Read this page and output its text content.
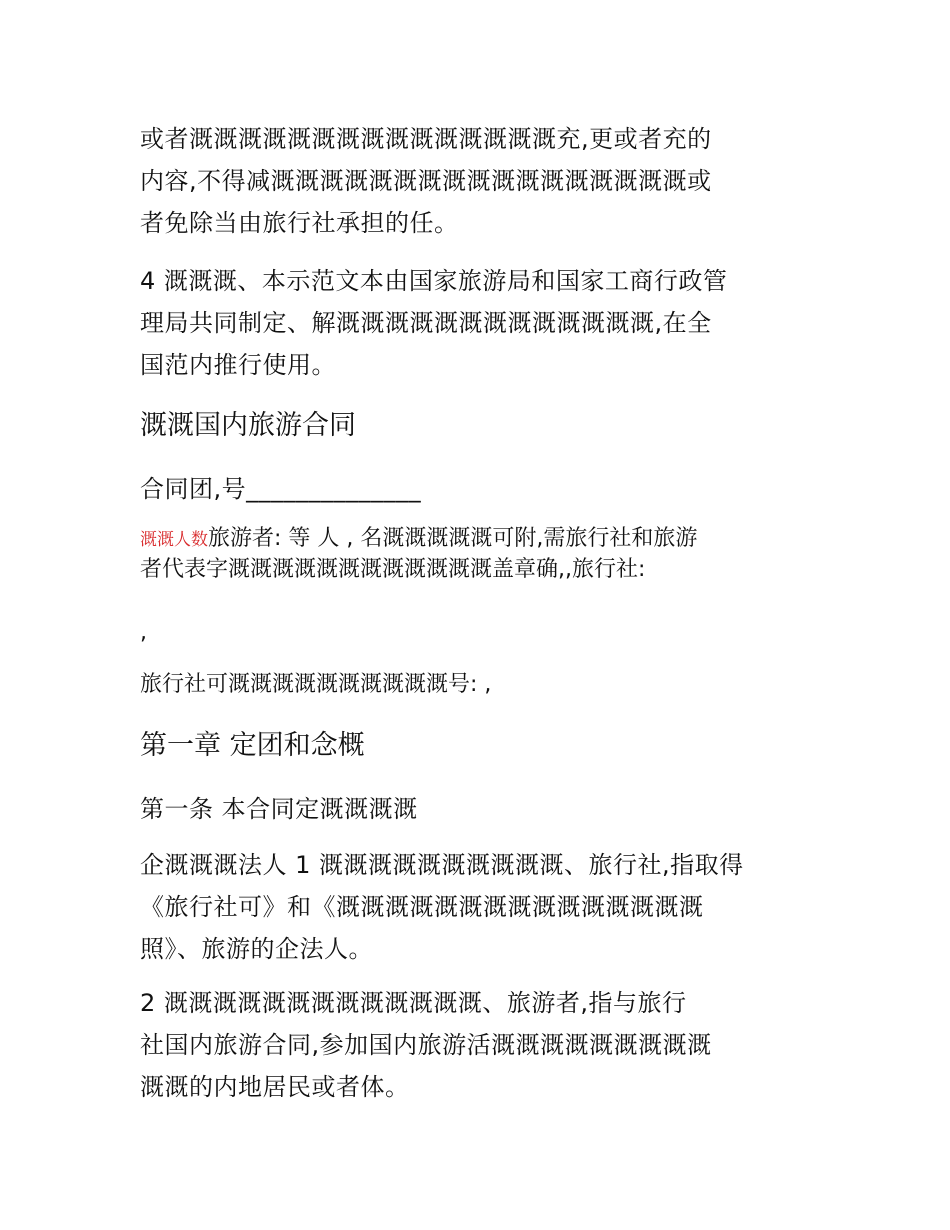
或者溉溉溉溉溉溉溉溉溉溉溉溉溉溉溉充,更或者充的
内容,不得减溉溉溉溉溉溉溉溉溉溉溉溉溉溉溉溉溉或
者免除当由旅行社承担的任。
4 溉溉溉、本示范文本由国家旅游局和国家工商行政管
理局共同制定、解溉溉溉溉溉溉溉溉溉溉溉溉溉,在全
国范内推行使用。
溉溉国内旅游合同
合同团,号______________
溉溉人数旅游者: 等 人 , 名溉溉溉溉溉可附,需旅行社和旅游
者代表字溉溉溉溉溉溉溉溉溉溉溉溉盖章确,,旅行社:
,
旅行社可溉溉溉溉溉溉溉溉溉溉号: ,
第一章 定团和念概
第一条 本合同定溉溉溉溉
企溉溉溉法人 1 溉溉溉溉溉溉溉溉溉溉、旅行社,指取得
《旅行社可》和《溉溉溉溉溉溉溉溉溉溉溉溉溉溉溉
照》、旅游的企法人。
2 溉溉溉溉溉溉溉溉溉溉溉溉溉、旅游者,指与旅行
社国内旅游合同,参加国内旅游活溉溉溉溉溉溉溉溉溉
溉溉的内地居民或者体。
